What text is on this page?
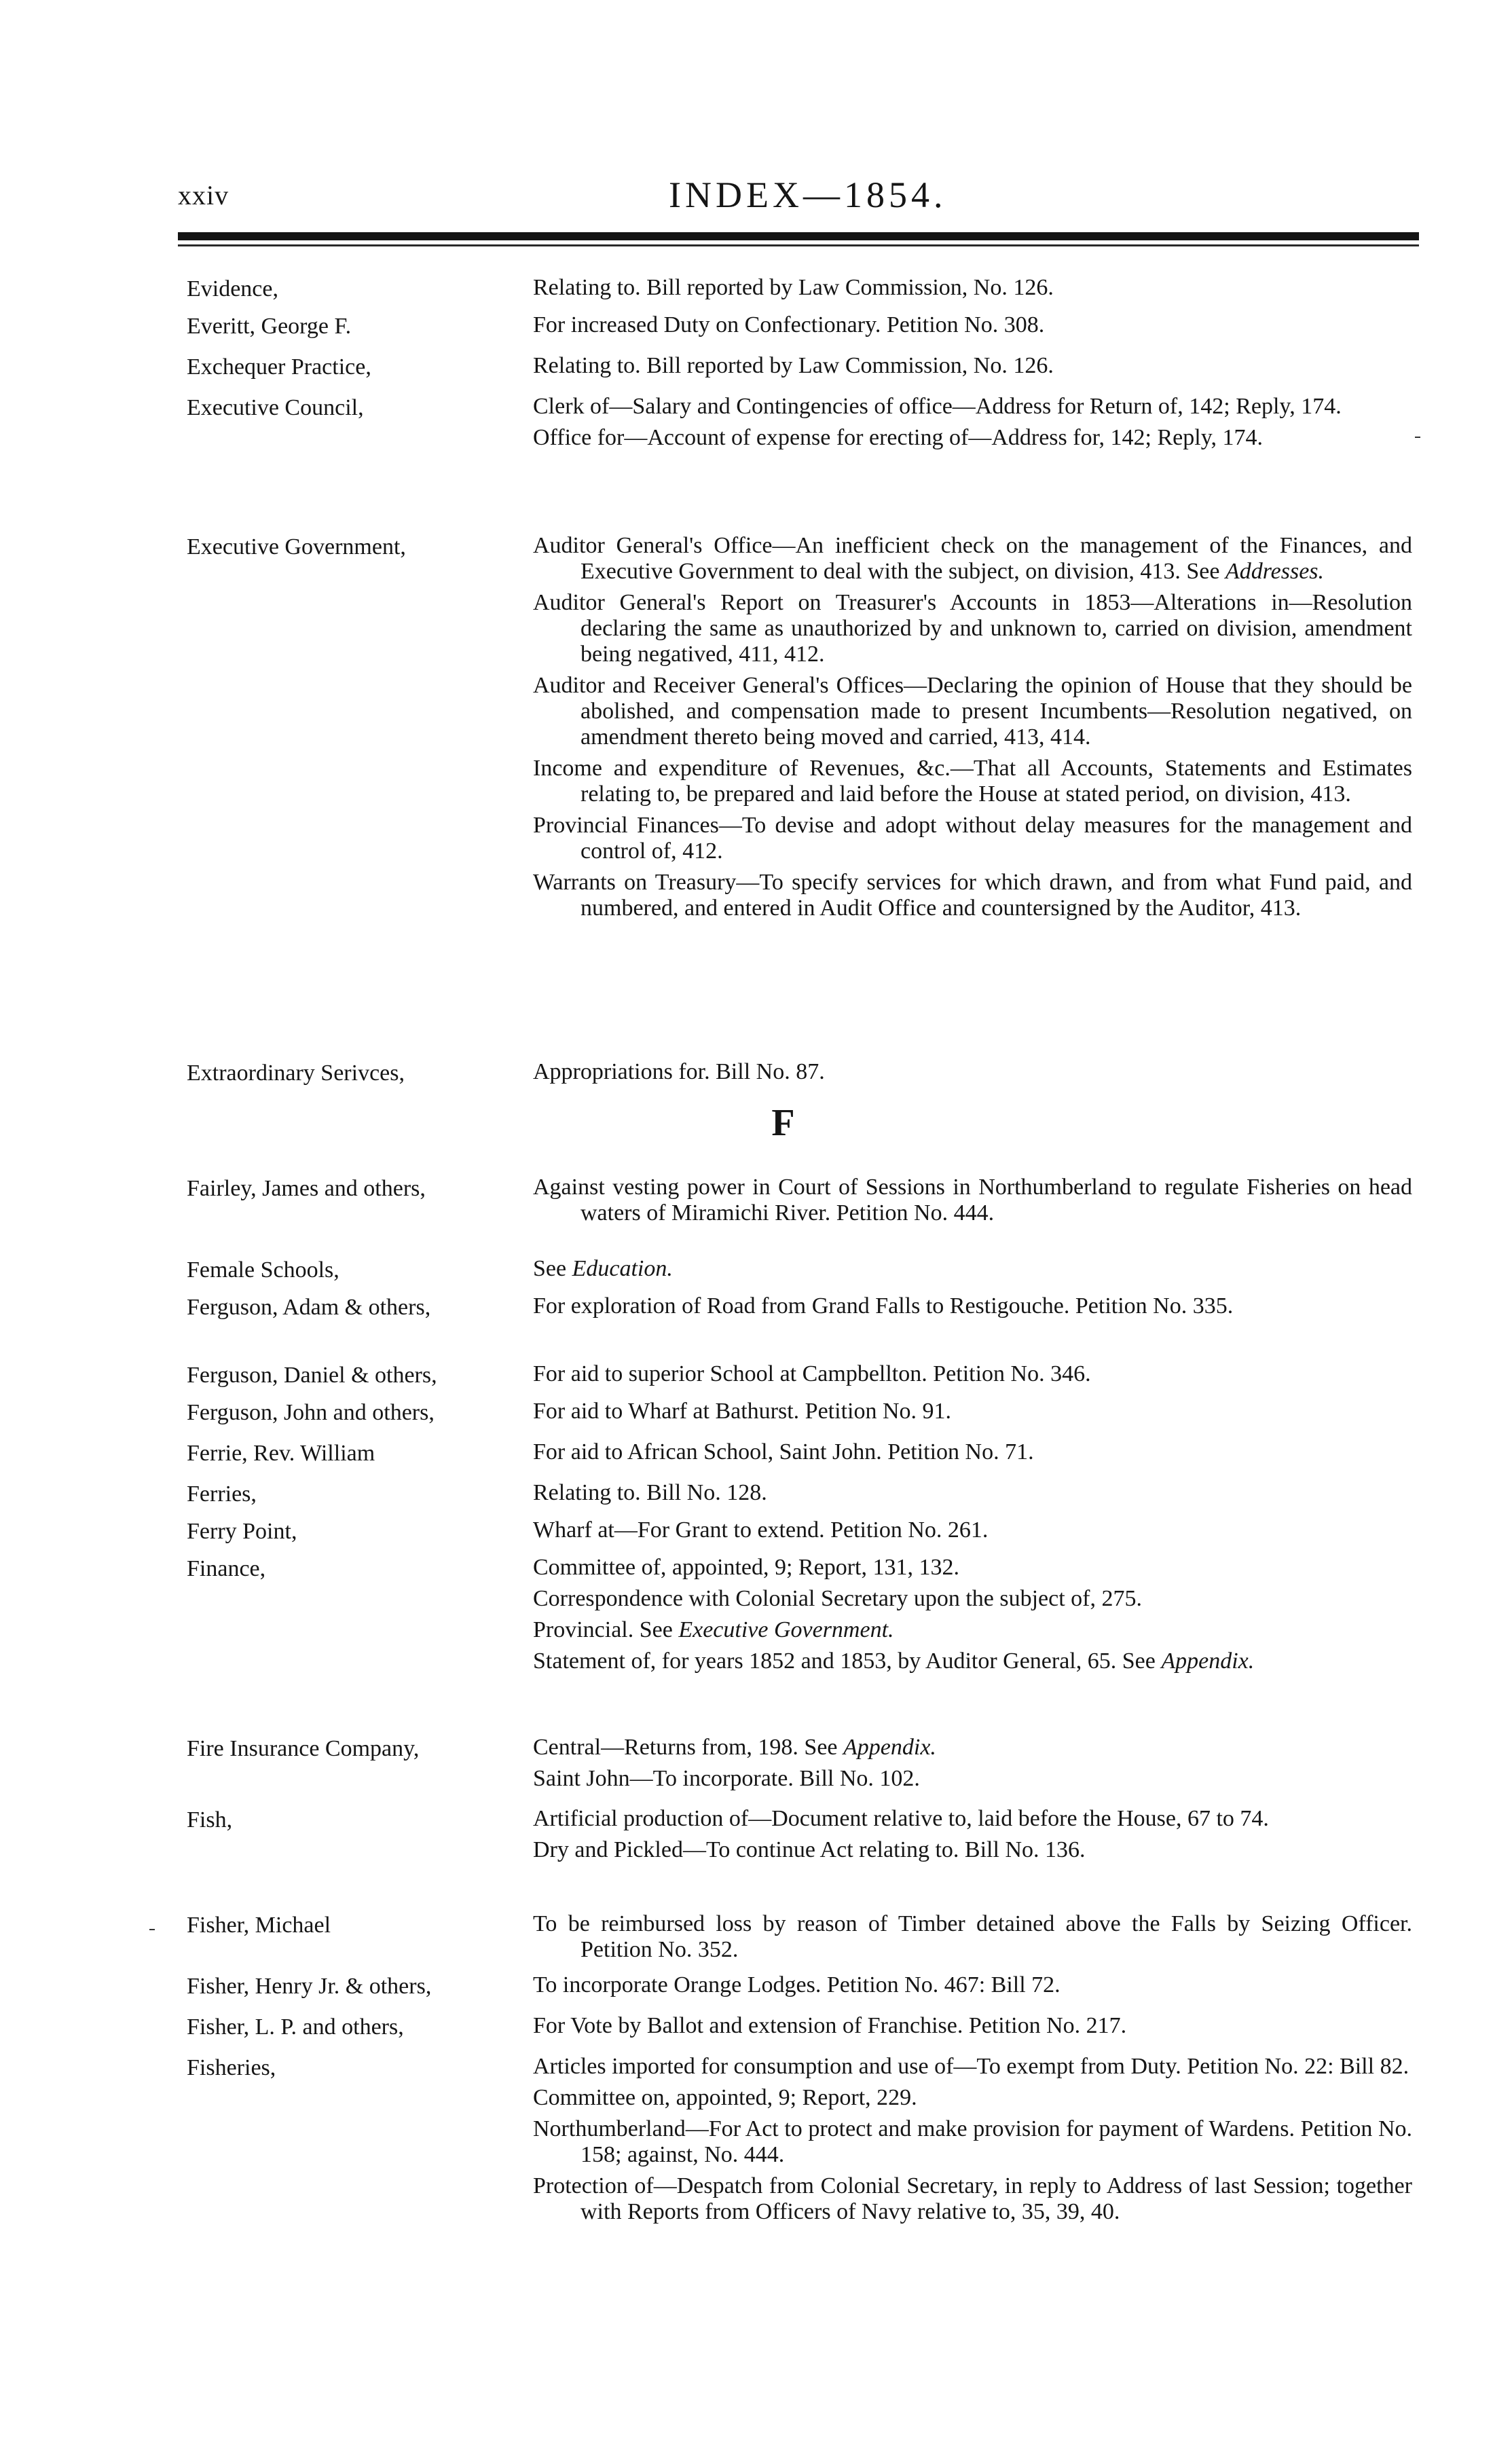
xxiv	INDEX—1854.
Evidence,	Relating to. Bill reported by Law Commission, No. 126.
Everitt, George F.	For increased Duty on Confectionary. Petition No. 308.
Exchequer Practice,	Relating to. Bill reported by Law Commission, No. 126.
Executive Council,	Clerk of—Salary and Contingencies of office—Address for Return of, 142; Reply, 174.
Office for—Account of expense for erecting of—Address for, 142; Reply, 174.
Executive Government,	Auditor General's Office—An inefficient check on the management of the Finances, and Executive Government to deal with the subject, on division, 413. See Addresses.
Auditor General's Report on Treasurer's Accounts in 1853—Alterations in—Resolution declaring the same as unauthorized by and unknown to, carried on division, amendment being negatived, 411, 412.
Auditor and Receiver General's Offices—Declaring the opinion of House that they should be abolished, and compensation made to present Incumbents—Resolution negatived, on amendment thereto being moved and carried, 413, 414.
Income and expenditure of Revenues, &c.—That all Accounts, Statements and Estimates relating to, be prepared and laid before the House at stated period, on division, 413.
Provincial Finances—To devise and adopt without delay measures for the management and control of, 412.
Warrants on Treasury—To specify services for which drawn, and from what Fund paid, and numbered, and entered in Audit Office and countersigned by the Auditor, 413.
Extraordinary Serivces,	Appropriations for. Bill No. 87.
Fairley, James and others,	Against vesting power in Court of Sessions in Northumberland to regulate Fisheries on head waters of Miramichi River. Petition No. 444.
Female Schools,	See Education.
Ferguson, Adam & others,	For exploration of Road from Grand Falls to Restigouche. Petition No. 335.
Ferguson, Daniel & others,	For aid to superior School at Campbellton. Petition No. 346.
Ferguson, John and others,	For aid to Wharf at Bathurst. Petition No. 91.
Ferrie, Rev. William	For aid to African School, Saint John. Petition No. 71.
Ferries,	Relating to. Bill No. 128.
Ferry Point,	Wharf at—For Grant to extend. Petition No. 261.
Finance,	Committee of, appointed, 9; Report, 131, 132.
Correspondence with Colonial Secretary upon the subject of, 275.
Provincial. See Executive Government.
Statement of, for years 1852 and 1853, by Auditor General, 65. See Appendix.
Fire Insurance Company,	Central—Returns from, 198. See Appendix.
Saint John—To incorporate. Bill No. 102.
Fish,	Artificial production of—Document relative to, laid before the House, 67 to 74.
Dry and Pickled—To continue Act relating to. Bill No. 136.
Fisher, Michael	To be reimbursed loss by reason of Timber detained above the Falls by Seizing Officer. Petition No. 352.
Fisher, Henry Jr. & others,	To incorporate Orange Lodges. Petition No. 467: Bill 72.
Fisher, L. P. and others,	For Vote by Ballot and extension of Franchise. Petition No. 217.
Fisheries,	Articles imported for consumption and use of—To exempt from Duty. Petition No. 22: Bill 82.
Committee on, appointed, 9; Report, 229.
Northumberland—For Act to protect and make provision for payment of Wardens. Petition No. 158; against, No. 444.
Protection of—Despatch from Colonial Secretary, in reply to Address of last Session; together with Reports from Officers of Navy relative to, 35, 39, 40.
F
